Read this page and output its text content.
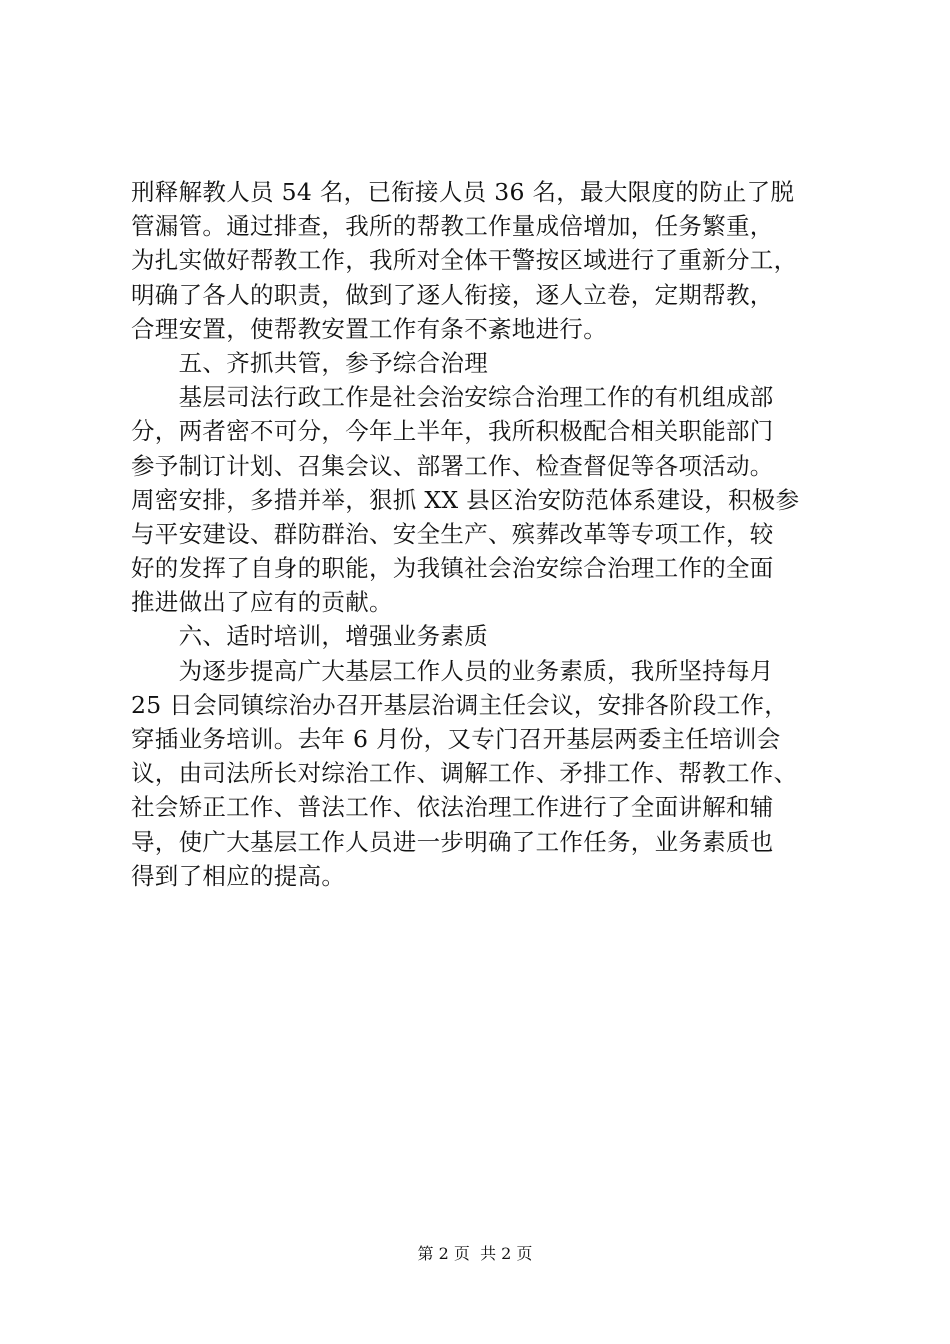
刑释解教人员 54 名，已衔接人员 36 名，最大限度的防止了脱
管漏管。通过排查，我所的帮教工作量成倍增加，任务繁重，
为扎实做好帮教工作，我所对全体干警按区域进行了重新分工，
明确了各人的职责，做到了逐人衔接，逐人立卷，定期帮教，
合理安置，使帮教安置工作有条不紊地进行。
　　五、齐抓共管，参予综合治理
　　基层司法行政工作是社会治安综合治理工作的有机组成部
分，两者密不可分，今年上半年，我所积极配合相关职能部门
参予制订计划、召集会议、部署工作、检查督促等各项活动。
周密安排，多措并举，狠抓 XX 县区治安防范体系建设，积极参
与平安建设、群防群治、安全生产、殡葬改革等专项工作，较
好的发挥了自身的职能，为我镇社会治安综合治理工作的全面
推进做出了应有的贡献。
　　六、适时培训，增强业务素质
　　为逐步提高广大基层工作人员的业务素质，我所坚持每月
25 日会同镇综治办召开基层治调主任会议，安排各阶段工作，
穿插业务培训。去年 6 月份，又专门召开基层两委主任培训会
议，由司法所长对综治工作、调解工作、矛排工作、帮教工作、
社会矫正工作、普法工作、依法治理工作进行了全面讲解和辅
导，使广大基层工作人员进一步明确了工作任务，业务素质也
得到了相应的提高。
第 2 页  共 2 页
